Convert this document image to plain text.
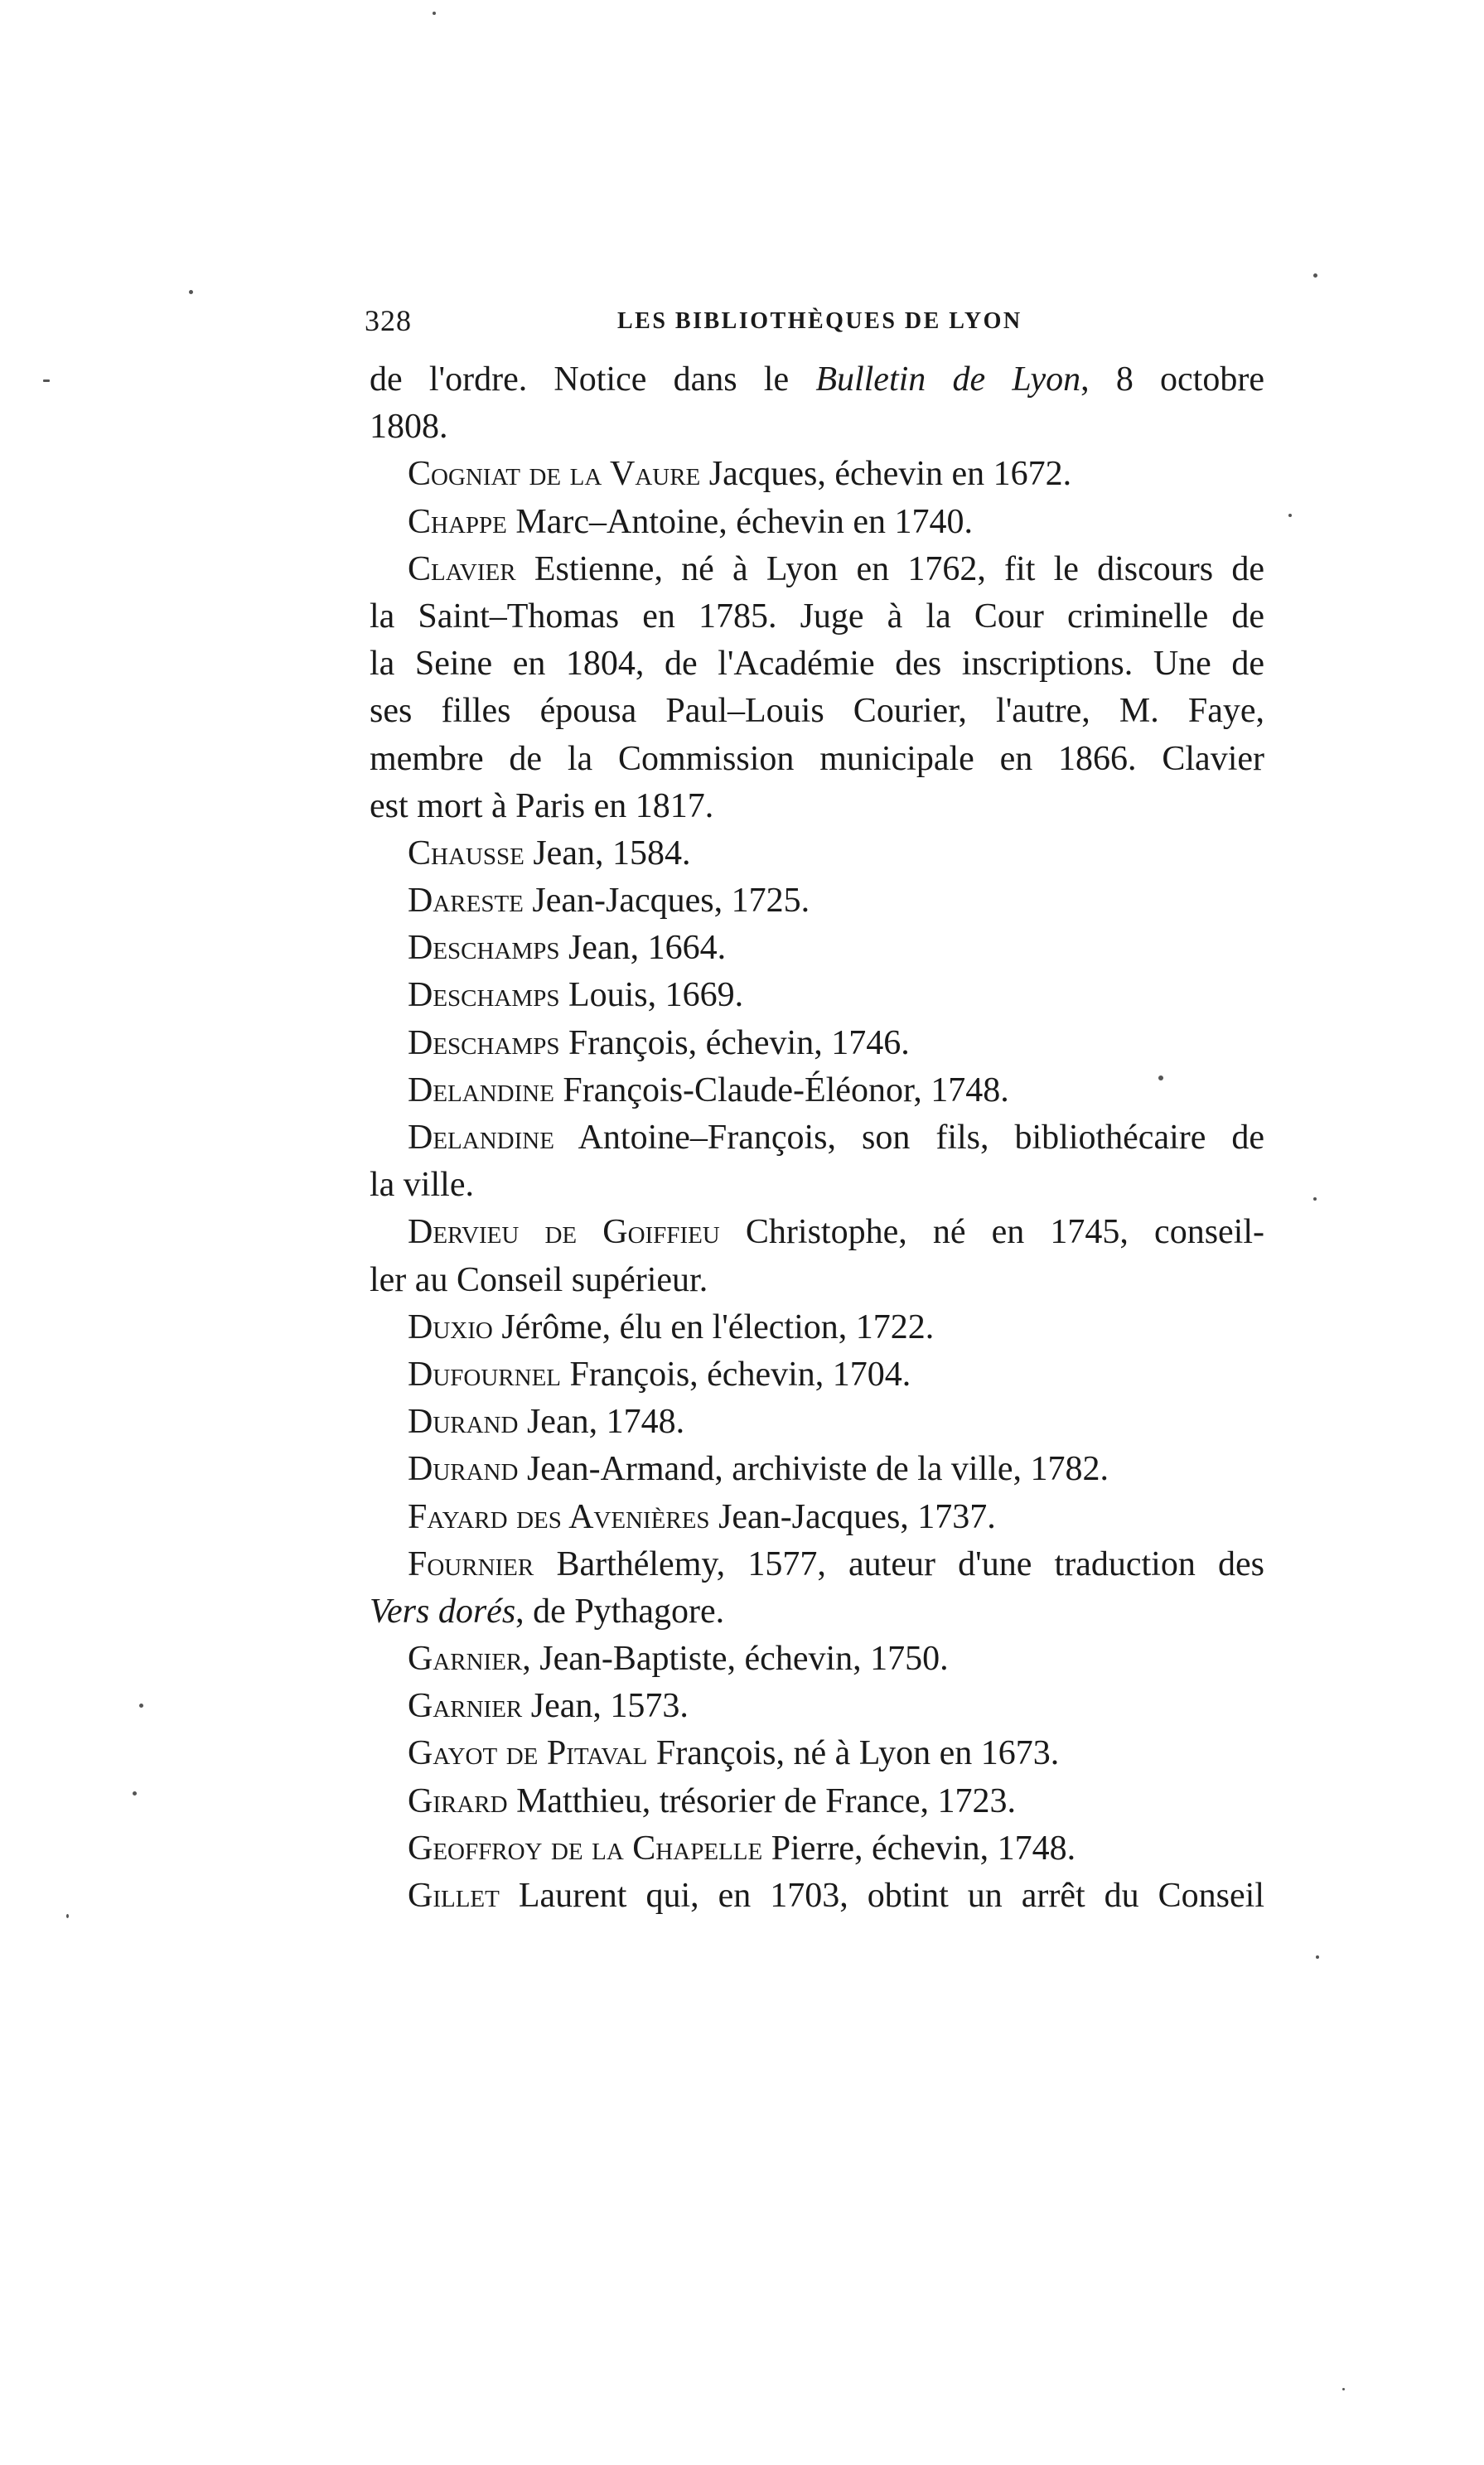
328	LES BIBLIOTHÈQUES DE LYON
de l'ordre. Notice dans le Bulletin de Lyon, 8 octobre
1808.
Cogniat de la Vaure Jacques, échevin en 1672.
Chappe Marc–Antoine, échevin en 1740.
Clavier Estienne, né à Lyon en 1762, fit le discours de
la Saint–Thomas en 1785. Juge à la Cour criminelle de
la Seine en 1804, de l'Académie des inscriptions. Une de
ses filles épousa Paul–Louis Courier, l'autre, M. Faye,
membre de la Commission municipale en 1866. Clavier
est mort à Paris en 1817.
Chausse Jean, 1584.
Dareste Jean-Jacques, 1725.
Deschamps Jean, 1664.
Deschamps Louis, 1669.
Deschamps François, échevin, 1746.
Delandine François-Claude-Éléonor, 1748.
Delandine Antoine–François, son fils, bibliothécaire de
la ville.
Dervieu de Goiffieu Christophe, né en 1745, conseil-
ler au Conseil supérieur.
Duxio Jérôme, élu en l'élection, 1722.
Dufournel François, échevin, 1704.
Durand Jean, 1748.
Durand Jean-Armand, archiviste de la ville, 1782.
Fayard des Avenières Jean-Jacques, 1737.
Fournier Barthélemy, 1577, auteur d'une traduction des
Vers dorés, de Pythagore.
Garnier, Jean-Baptiste, échevin, 1750.
Garnier Jean, 1573.
Gayot de Pitaval François, né à Lyon en 1673.
Girard Matthieu, trésorier de France, 1723.
Geoffroy de la Chapelle Pierre, échevin, 1748.
Gillet Laurent qui, en 1703, obtint un arrêt du Conseil
